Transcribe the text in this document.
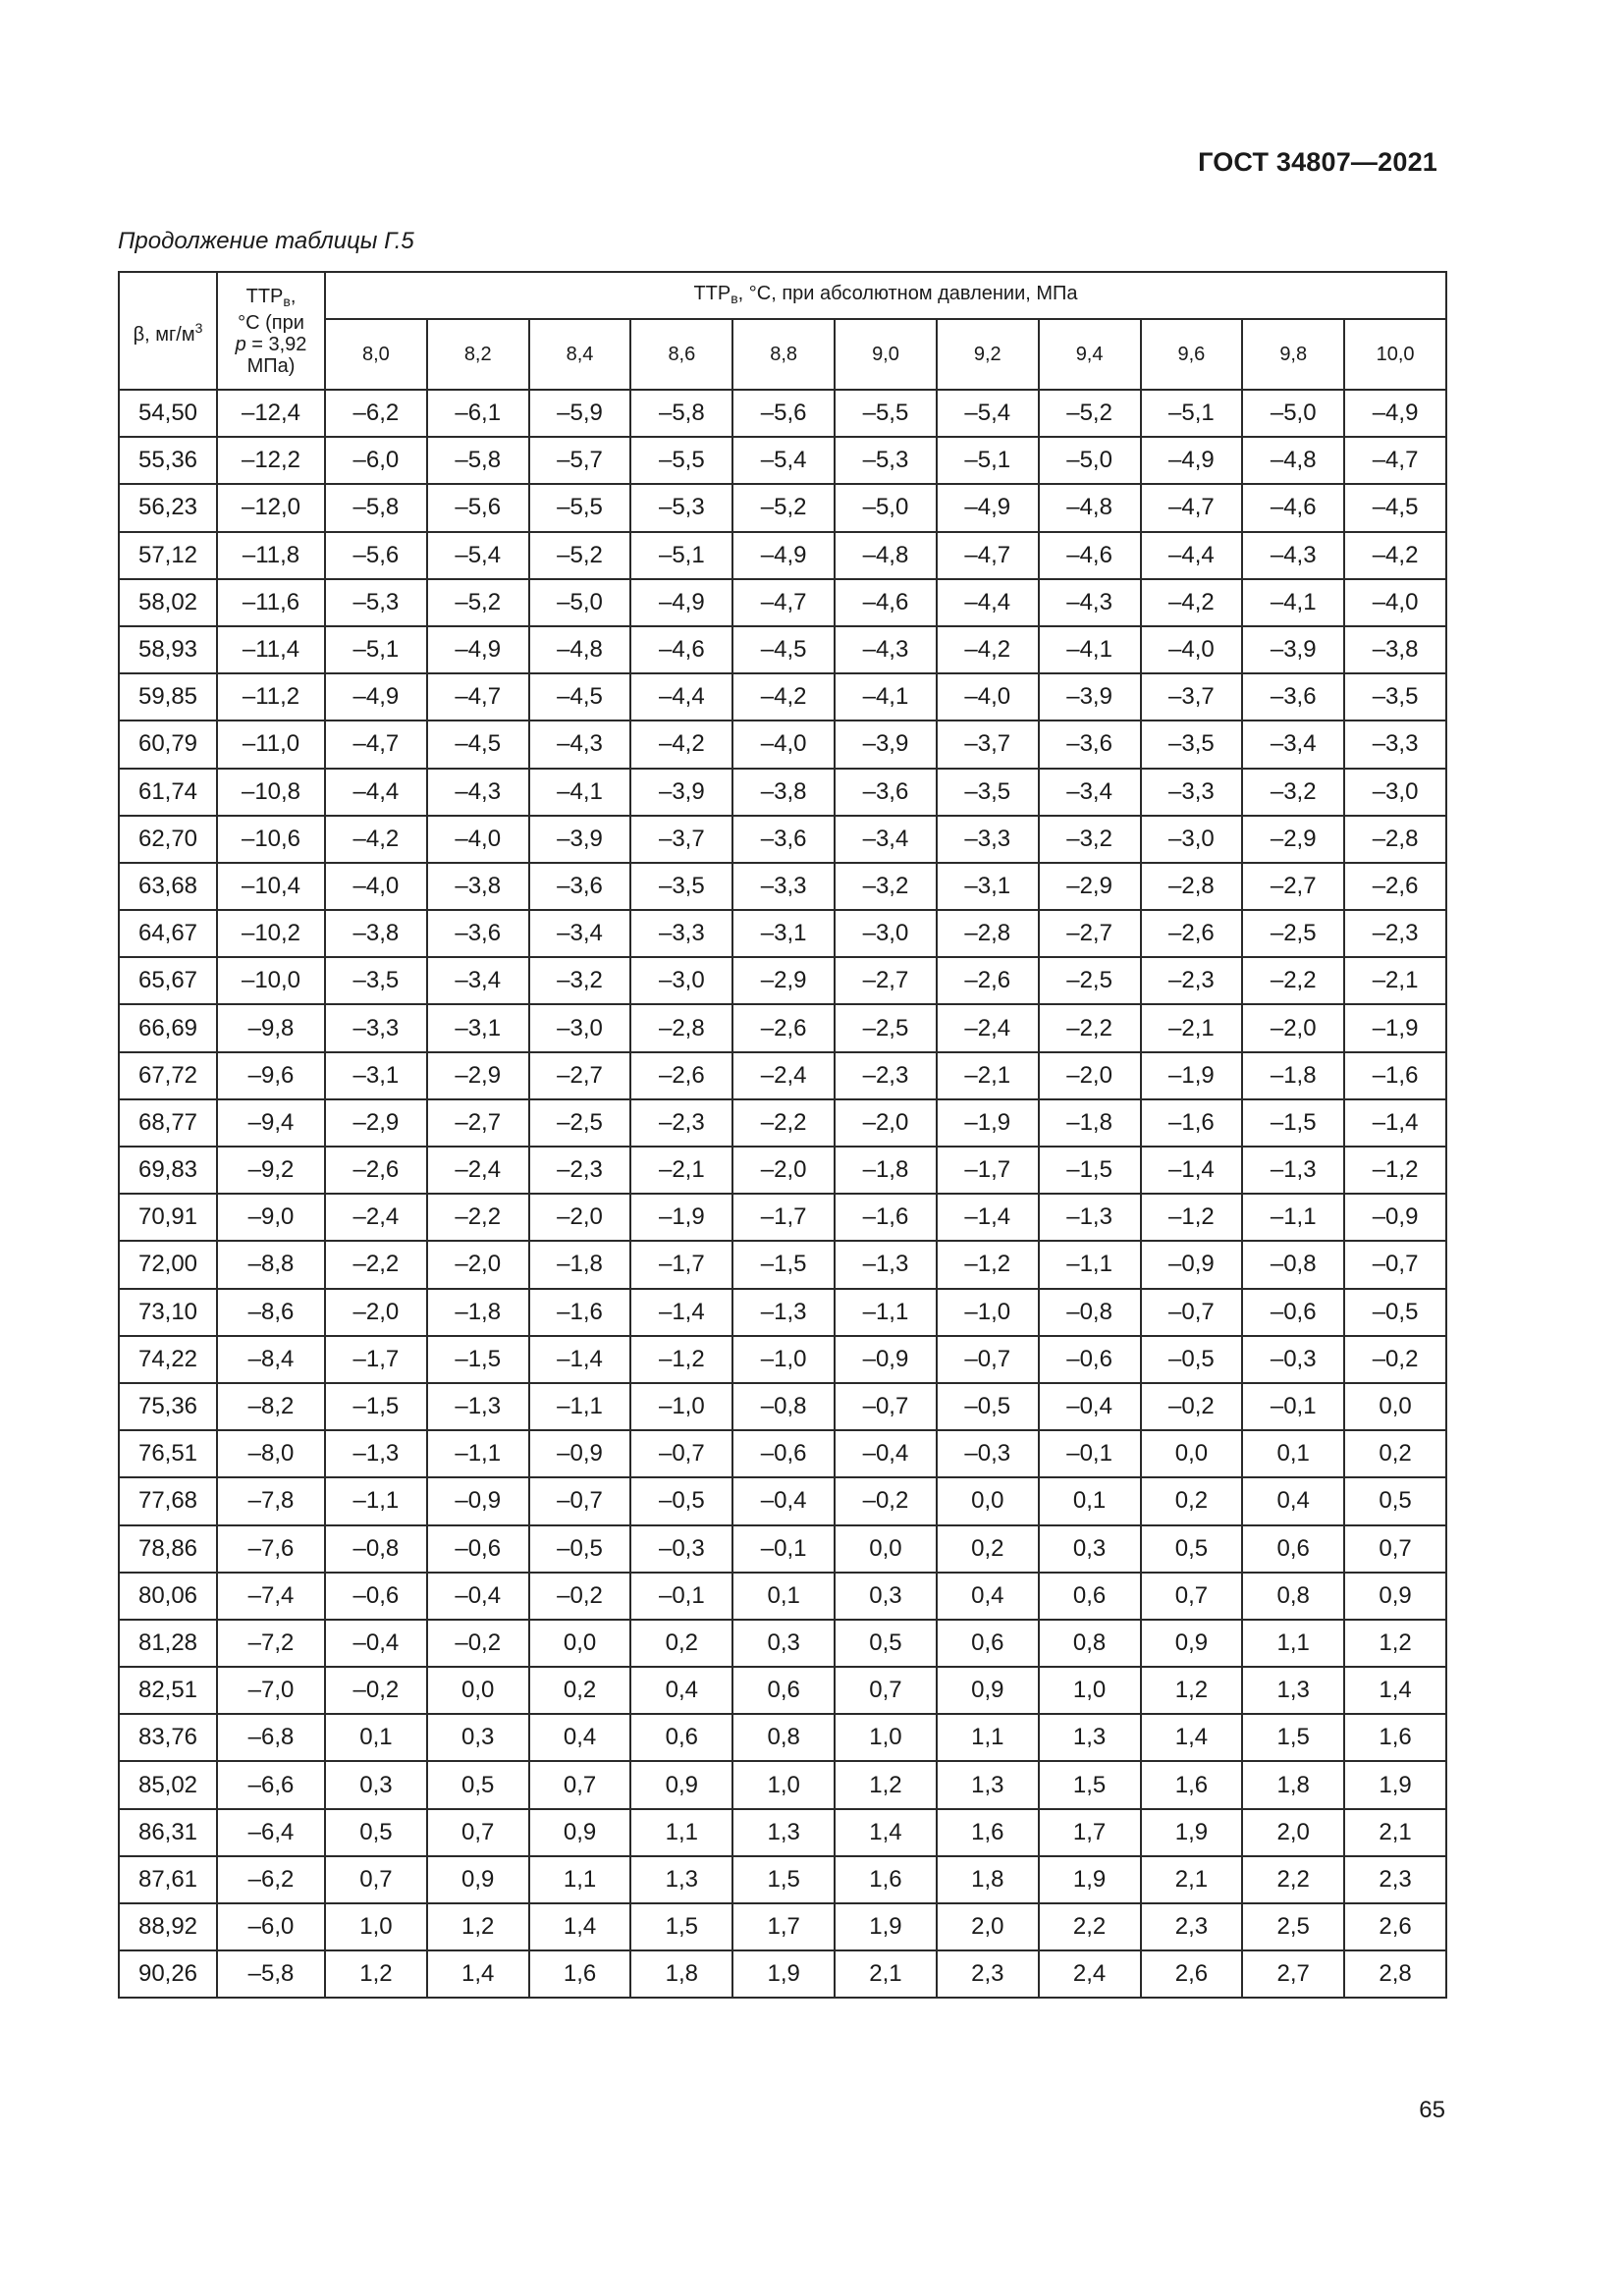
ГОСТ 34807—2021
Продолжение таблицы Г.5
β, $мг/м^3$	$ТТР_в$,
°С (при
p = 3,92
МПа)	$ТТР_в$, °С, при абсолютном давлении, МПа										
		8,0	8,2	8,4	8,6	8,8	9,0	9,2	9,4	9,6	9,8	10,0
54,50	–12,4	–6,2	–6,1	–5,9	–5,8	–5,6	–5,5	–5,4	–5,2	–5,1	–5,0	–4,9
55,36	–12,2	–6,0	–5,8	–5,7	–5,5	–5,4	–5,3	–5,1	–5,0	–4,9	–4,8	–4,7
56,23	–12,0	–5,8	–5,6	–5,5	–5,3	–5,2	–5,0	–4,9	–4,8	–4,7	–4,6	–4,5
57,12	–11,8	–5,6	–5,4	–5,2	–5,1	–4,9	–4,8	–4,7	–4,6	–4,4	–4,3	–4,2
58,02	–11,6	–5,3	–5,2	–5,0	–4,9	–4,7	–4,6	–4,4	–4,3	–4,2	–4,1	–4,0
58,93	–11,4	–5,1	–4,9	–4,8	–4,6	–4,5	–4,3	–4,2	–4,1	–4,0	–3,9	–3,8
59,85	–11,2	–4,9	–4,7	–4,5	–4,4	–4,2	–4,1	–4,0	–3,9	–3,7	–3,6	–3,5
60,79	–11,0	–4,7	–4,5	–4,3	–4,2	–4,0	–3,9	–3,7	–3,6	–3,5	–3,4	–3,3
61,74	–10,8	–4,4	–4,3	–4,1	–3,9	–3,8	–3,6	–3,5	–3,4	–3,3	–3,2	–3,0
62,70	–10,6	–4,2	–4,0	–3,9	–3,7	–3,6	–3,4	–3,3	–3,2	–3,0	–2,9	–2,8
63,68	–10,4	–4,0	–3,8	–3,6	–3,5	–3,3	–3,2	–3,1	–2,9	–2,8	–2,7	–2,6
64,67	–10,2	–3,8	–3,6	–3,4	–3,3	–3,1	–3,0	–2,8	–2,7	–2,6	–2,5	–2,3
65,67	–10,0	–3,5	–3,4	–3,2	–3,0	–2,9	–2,7	–2,6	–2,5	–2,3	–2,2	–2,1
66,69	–9,8	–3,3	–3,1	–3,0	–2,8	–2,6	–2,5	–2,4	–2,2	–2,1	–2,0	–1,9
67,72	–9,6	–3,1	–2,9	–2,7	–2,6	–2,4	–2,3	–2,1	–2,0	–1,9	–1,8	–1,6
68,77	–9,4	–2,9	–2,7	–2,5	–2,3	–2,2	–2,0	–1,9	–1,8	–1,6	–1,5	–1,4
69,83	–9,2	–2,6	–2,4	–2,3	–2,1	–2,0	–1,8	–1,7	–1,5	–1,4	–1,3	–1,2
70,91	–9,0	–2,4	–2,2	–2,0	–1,9	–1,7	–1,6	–1,4	–1,3	–1,2	–1,1	–0,9
72,00	–8,8	–2,2	–2,0	–1,8	–1,7	–1,5	–1,3	–1,2	–1,1	–0,9	–0,8	–0,7
73,10	–8,6	–2,0	–1,8	–1,6	–1,4	–1,3	–1,1	–1,0	–0,8	–0,7	–0,6	–0,5
74,22	–8,4	–1,7	–1,5	–1,4	–1,2	–1,0	–0,9	–0,7	–0,6	–0,5	–0,3	–0,2
75,36	–8,2	–1,5	–1,3	–1,1	–1,0	–0,8	–0,7	–0,5	–0,4	–0,2	–0,1	0,0
76,51	–8,0	–1,3	–1,1	–0,9	–0,7	–0,6	–0,4	–0,3	–0,1	0,0	0,1	0,2
77,68	–7,8	–1,1	–0,9	–0,7	–0,5	–0,4	–0,2	0,0	0,1	0,2	0,4	0,5
78,86	–7,6	–0,8	–0,6	–0,5	–0,3	–0,1	0,0	0,2	0,3	0,5	0,6	0,7
80,06	–7,4	–0,6	–0,4	–0,2	–0,1	0,1	0,3	0,4	0,6	0,7	0,8	0,9
81,28	–7,2	–0,4	–0,2	0,0	0,2	0,3	0,5	0,6	0,8	0,9	1,1	1,2
82,51	–7,0	–0,2	0,0	0,2	0,4	0,6	0,7	0,9	1,0	1,2	1,3	1,4
83,76	–6,8	0,1	0,3	0,4	0,6	0,8	1,0	1,1	1,3	1,4	1,5	1,6
85,02	–6,6	0,3	0,5	0,7	0,9	1,0	1,2	1,3	1,5	1,6	1,8	1,9
86,31	–6,4	0,5	0,7	0,9	1,1	1,3	1,4	1,6	1,7	1,9	2,0	2,1
87,61	–6,2	0,7	0,9	1,1	1,3	1,5	1,6	1,8	1,9	2,1	2,2	2,3
88,92	–6,0	1,0	1,2	1,4	1,5	1,7	1,9	2,0	2,2	2,3	2,5	2,6
90,26	–5,8	1,2	1,4	1,6	1,8	1,9	2,1	2,3	2,4	2,6	2,7	2,8
65
